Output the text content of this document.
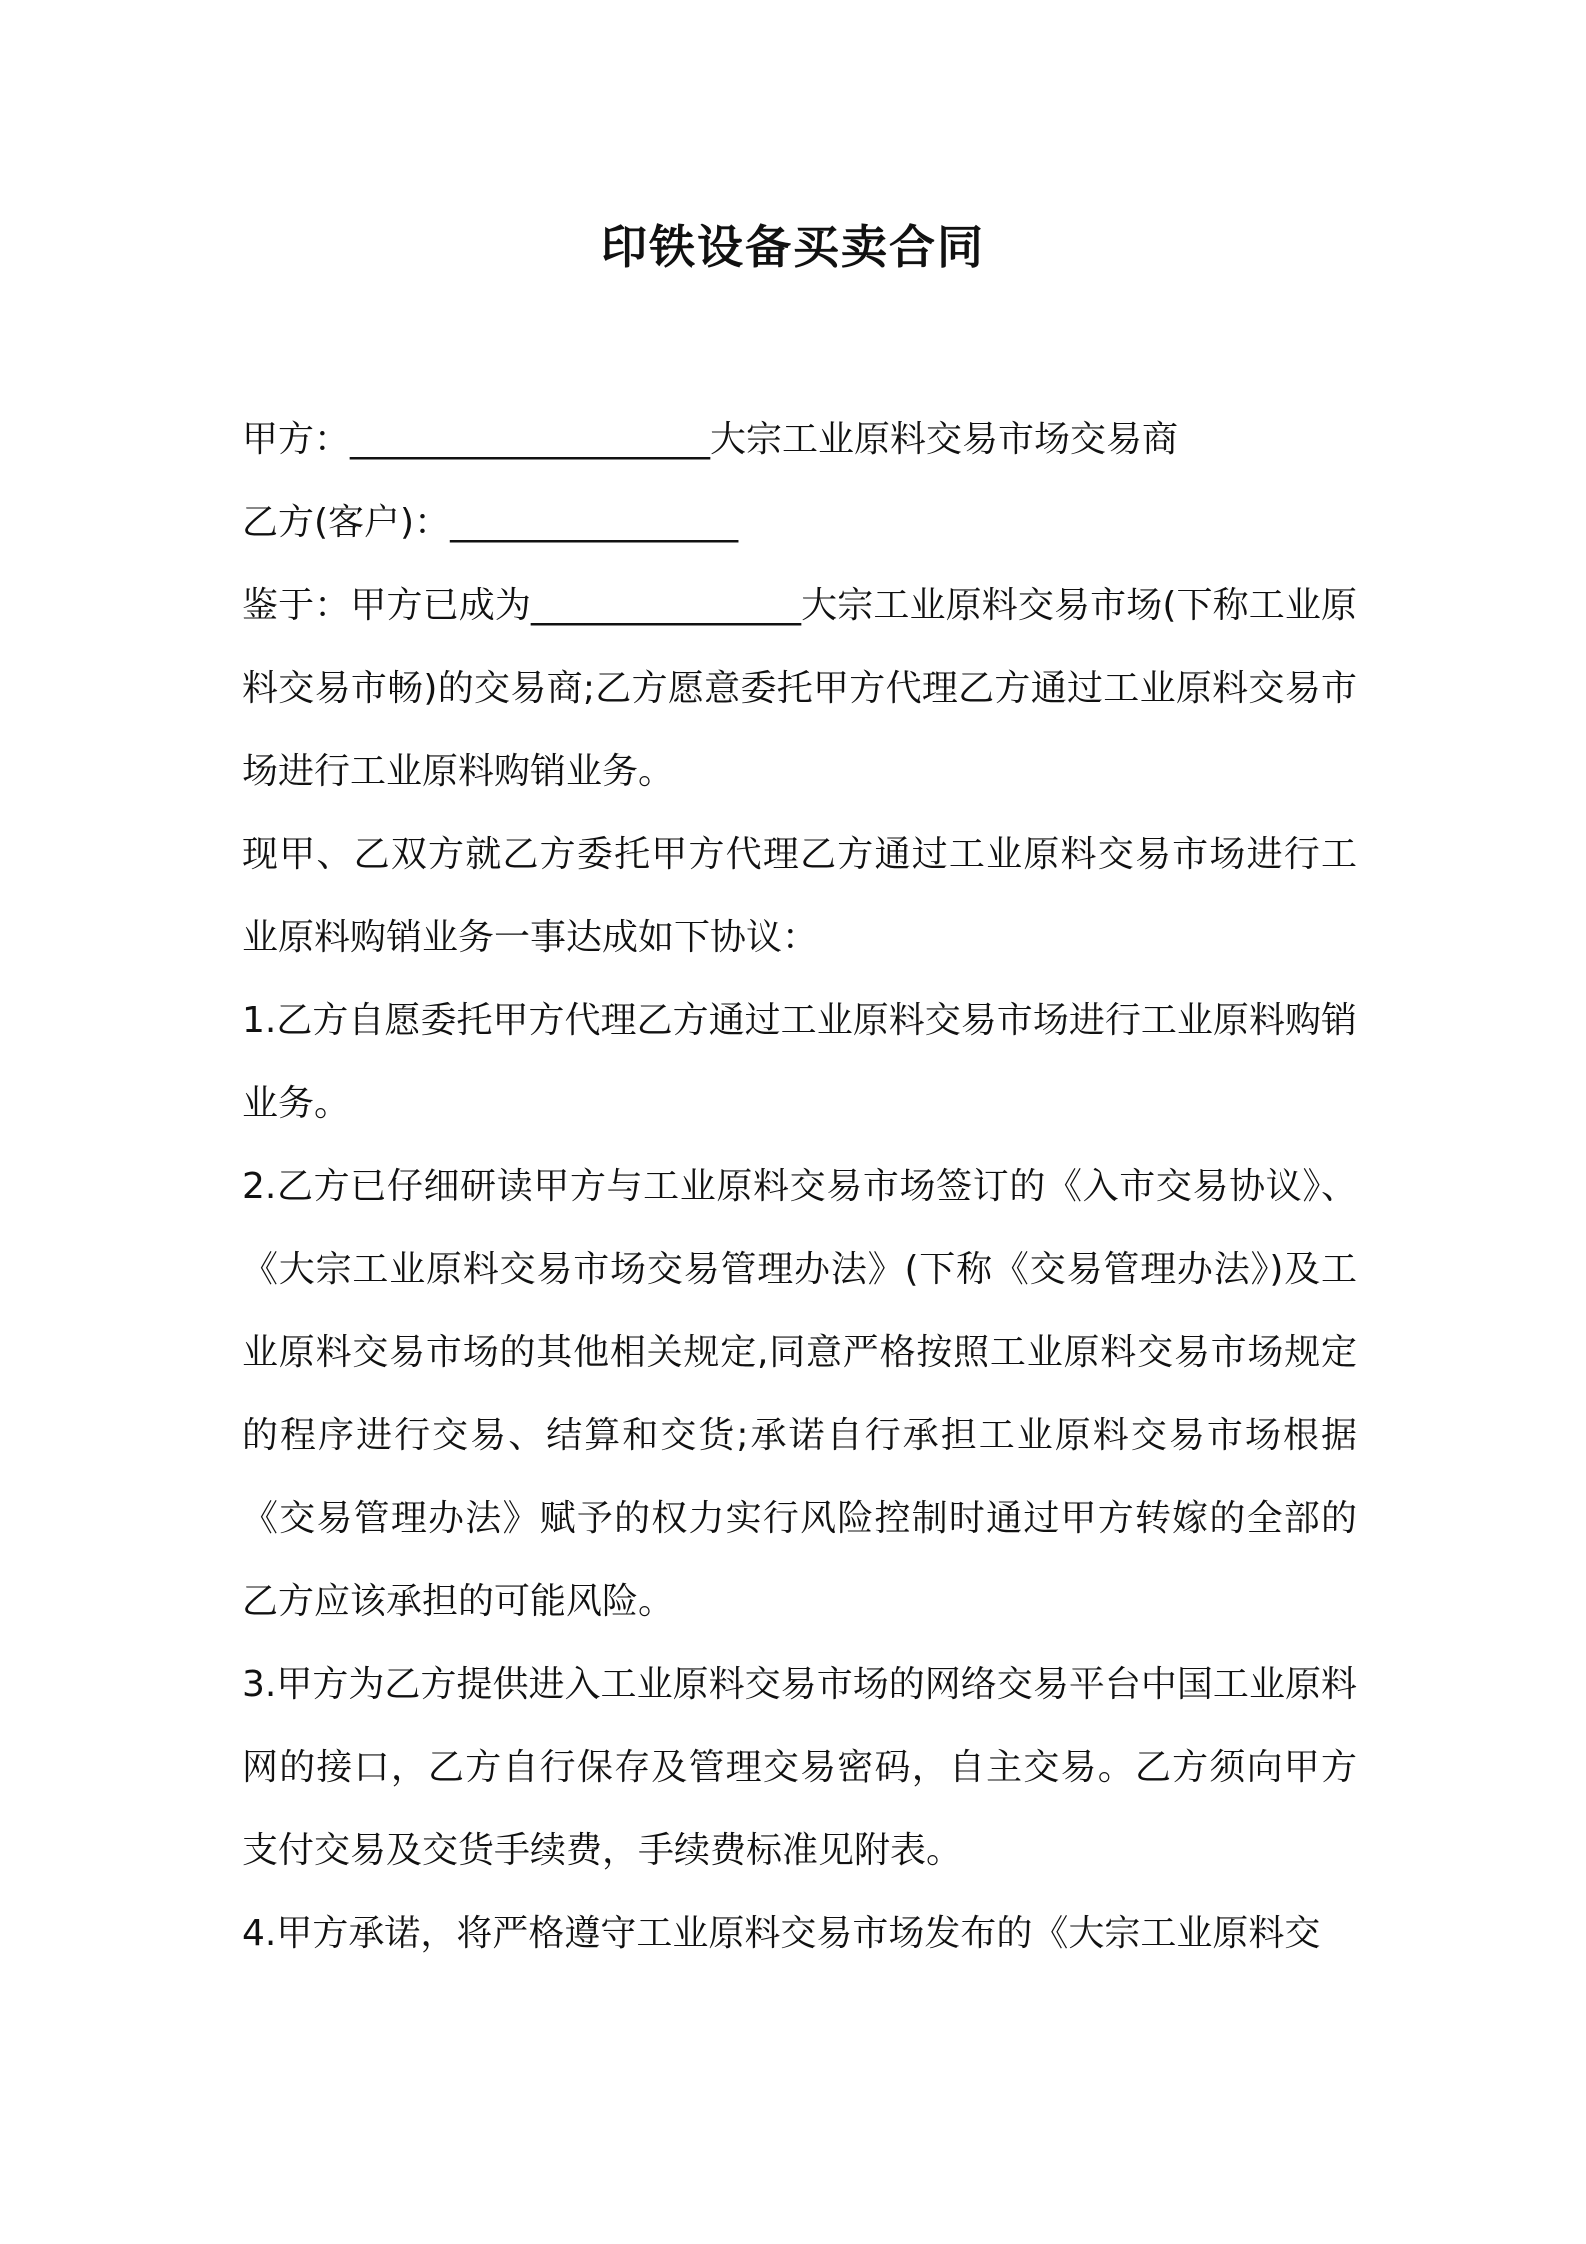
印铁设备买卖合同

甲方：____________________大宗工业原料交易市场交易商

乙方(客户)：________________

鉴于：甲方已成为_______________大宗工业原料交易市场(下称工业原料交易市畅)的交易商;乙方愿意委托甲方代理乙方通过工业原料交易市场进行工业原料购销业务。

现甲、乙双方就乙方委托甲方代理乙方通过工业原料交易市场进行工业原料购销业务一事达成如下协议：

1.乙方自愿委托甲方代理乙方通过工业原料交易市场进行工业原料购销业务。

2.乙方已仔细研读甲方与工业原料交易市场签订的《入市交易协议》、《大宗工业原料交易市场交易管理办法》(下称《交易管理办法》)及工业原料交易市场的其他相关规定,同意严格按照工业原料交易市场规定的程序进行交易、结算和交货;承诺自行承担工业原料交易市场根据《交易管理办法》赋予的权力实行风险控制时通过甲方转嫁的全部的乙方应该承担的可能风险。

3.甲方为乙方提供进入工业原料交易市场的网络交易平台中国工业原料网的接口，乙方自行保存及管理交易密码，自主交易。乙方须向甲方支付交易及交货手续费，手续费标准见附表。

4.甲方承诺，将严格遵守工业原料交易市场发布的《大宗工业原料交
